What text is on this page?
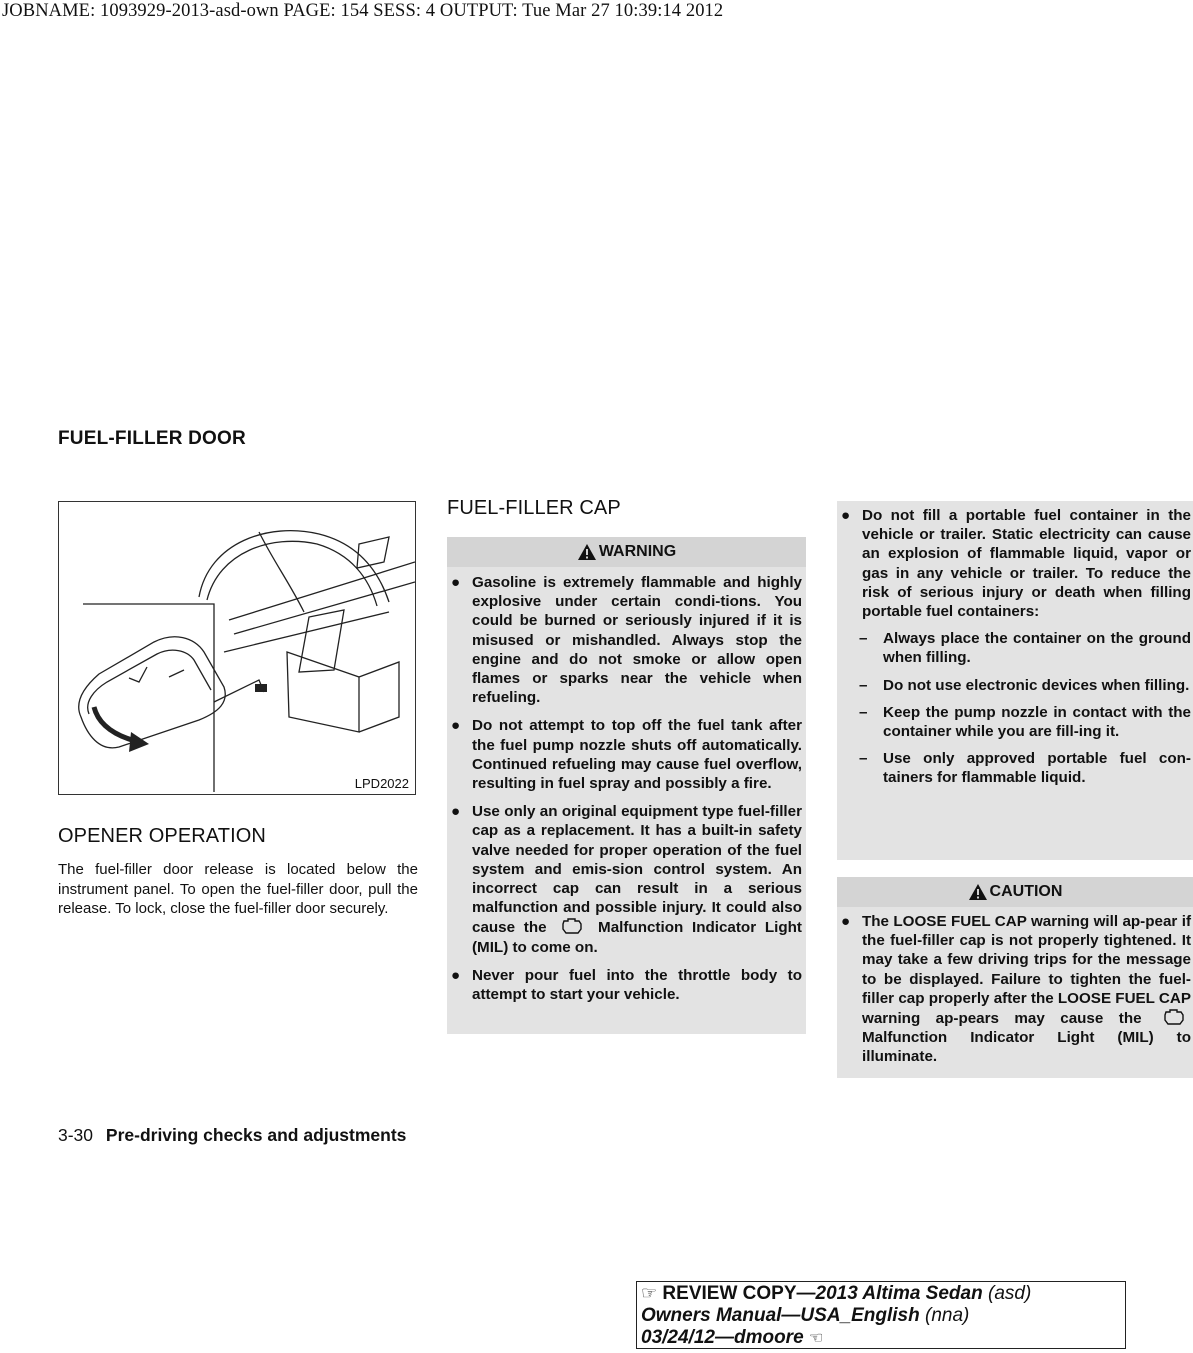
JOBNAME: 1093929-2013-asd-own PAGE: 154 SESS: 4 OUTPUT: Tue Mar 27 10:39:14 2012
FUEL-FILLER DOOR
LPD2022
OPENER OPERATION
The fuel-filler door release is located below the instrument panel. To open the fuel-filler door, pull the release. To lock, close the fuel-filler door securely.
FUEL-FILLER CAP
WARNING
● Gasoline is extremely flammable and highly explosive under certain condi-tions. You could be burned or seriously injured if it is misused or mishandled. Always stop the engine and do not smoke or allow open flames or sparks near the vehicle when refueling.
● Do not attempt to top off the fuel tank after the fuel pump nozzle shuts off automatically. Continued refueling may cause fuel overflow, resulting in fuel spray and possibly a fire.
● Use only an original equipment type fuel-filler cap as a replacement. It has a built-in safety valve needed for proper operation of the fuel system and emis-sion control system. An incorrect cap can result in a serious malfunction and possible injury. It could also cause the	Malfunction Indicator Light (MIL) to come on.
● Never pour fuel into the throttle body to attempt to start your vehicle.
● Do not fill a portable fuel container in the vehicle or trailer. Static electricity can cause an explosion of flammable liquid, vapor or gas in any vehicle or trailer. To reduce the risk of serious injury or death when filling portable fuel containers:
– Always place the container on the ground when filling.
– Do not use electronic devices when filling.
– Keep the pump nozzle in contact with the container while you are fill-ing it.
– Use only approved portable fuel con-tainers for flammable liquid.
CAUTION
● The LOOSE FUEL CAP warning will ap-pear if the fuel-filler cap is not properly tightened. It may take a few driving trips for the message to be displayed. Failure to tighten the fuel-filler cap properly after the LOOSE FUEL CAP warning ap-pears may cause the  Malfunction Indicator Light (MIL) to illuminate.
3-30 Pre-driving checks and adjustments
☞ REVIEW COPY—2013 Altima Sedan (asd)
Owners Manual—USA_English (nna)
03/24/12—dmoore ☜
